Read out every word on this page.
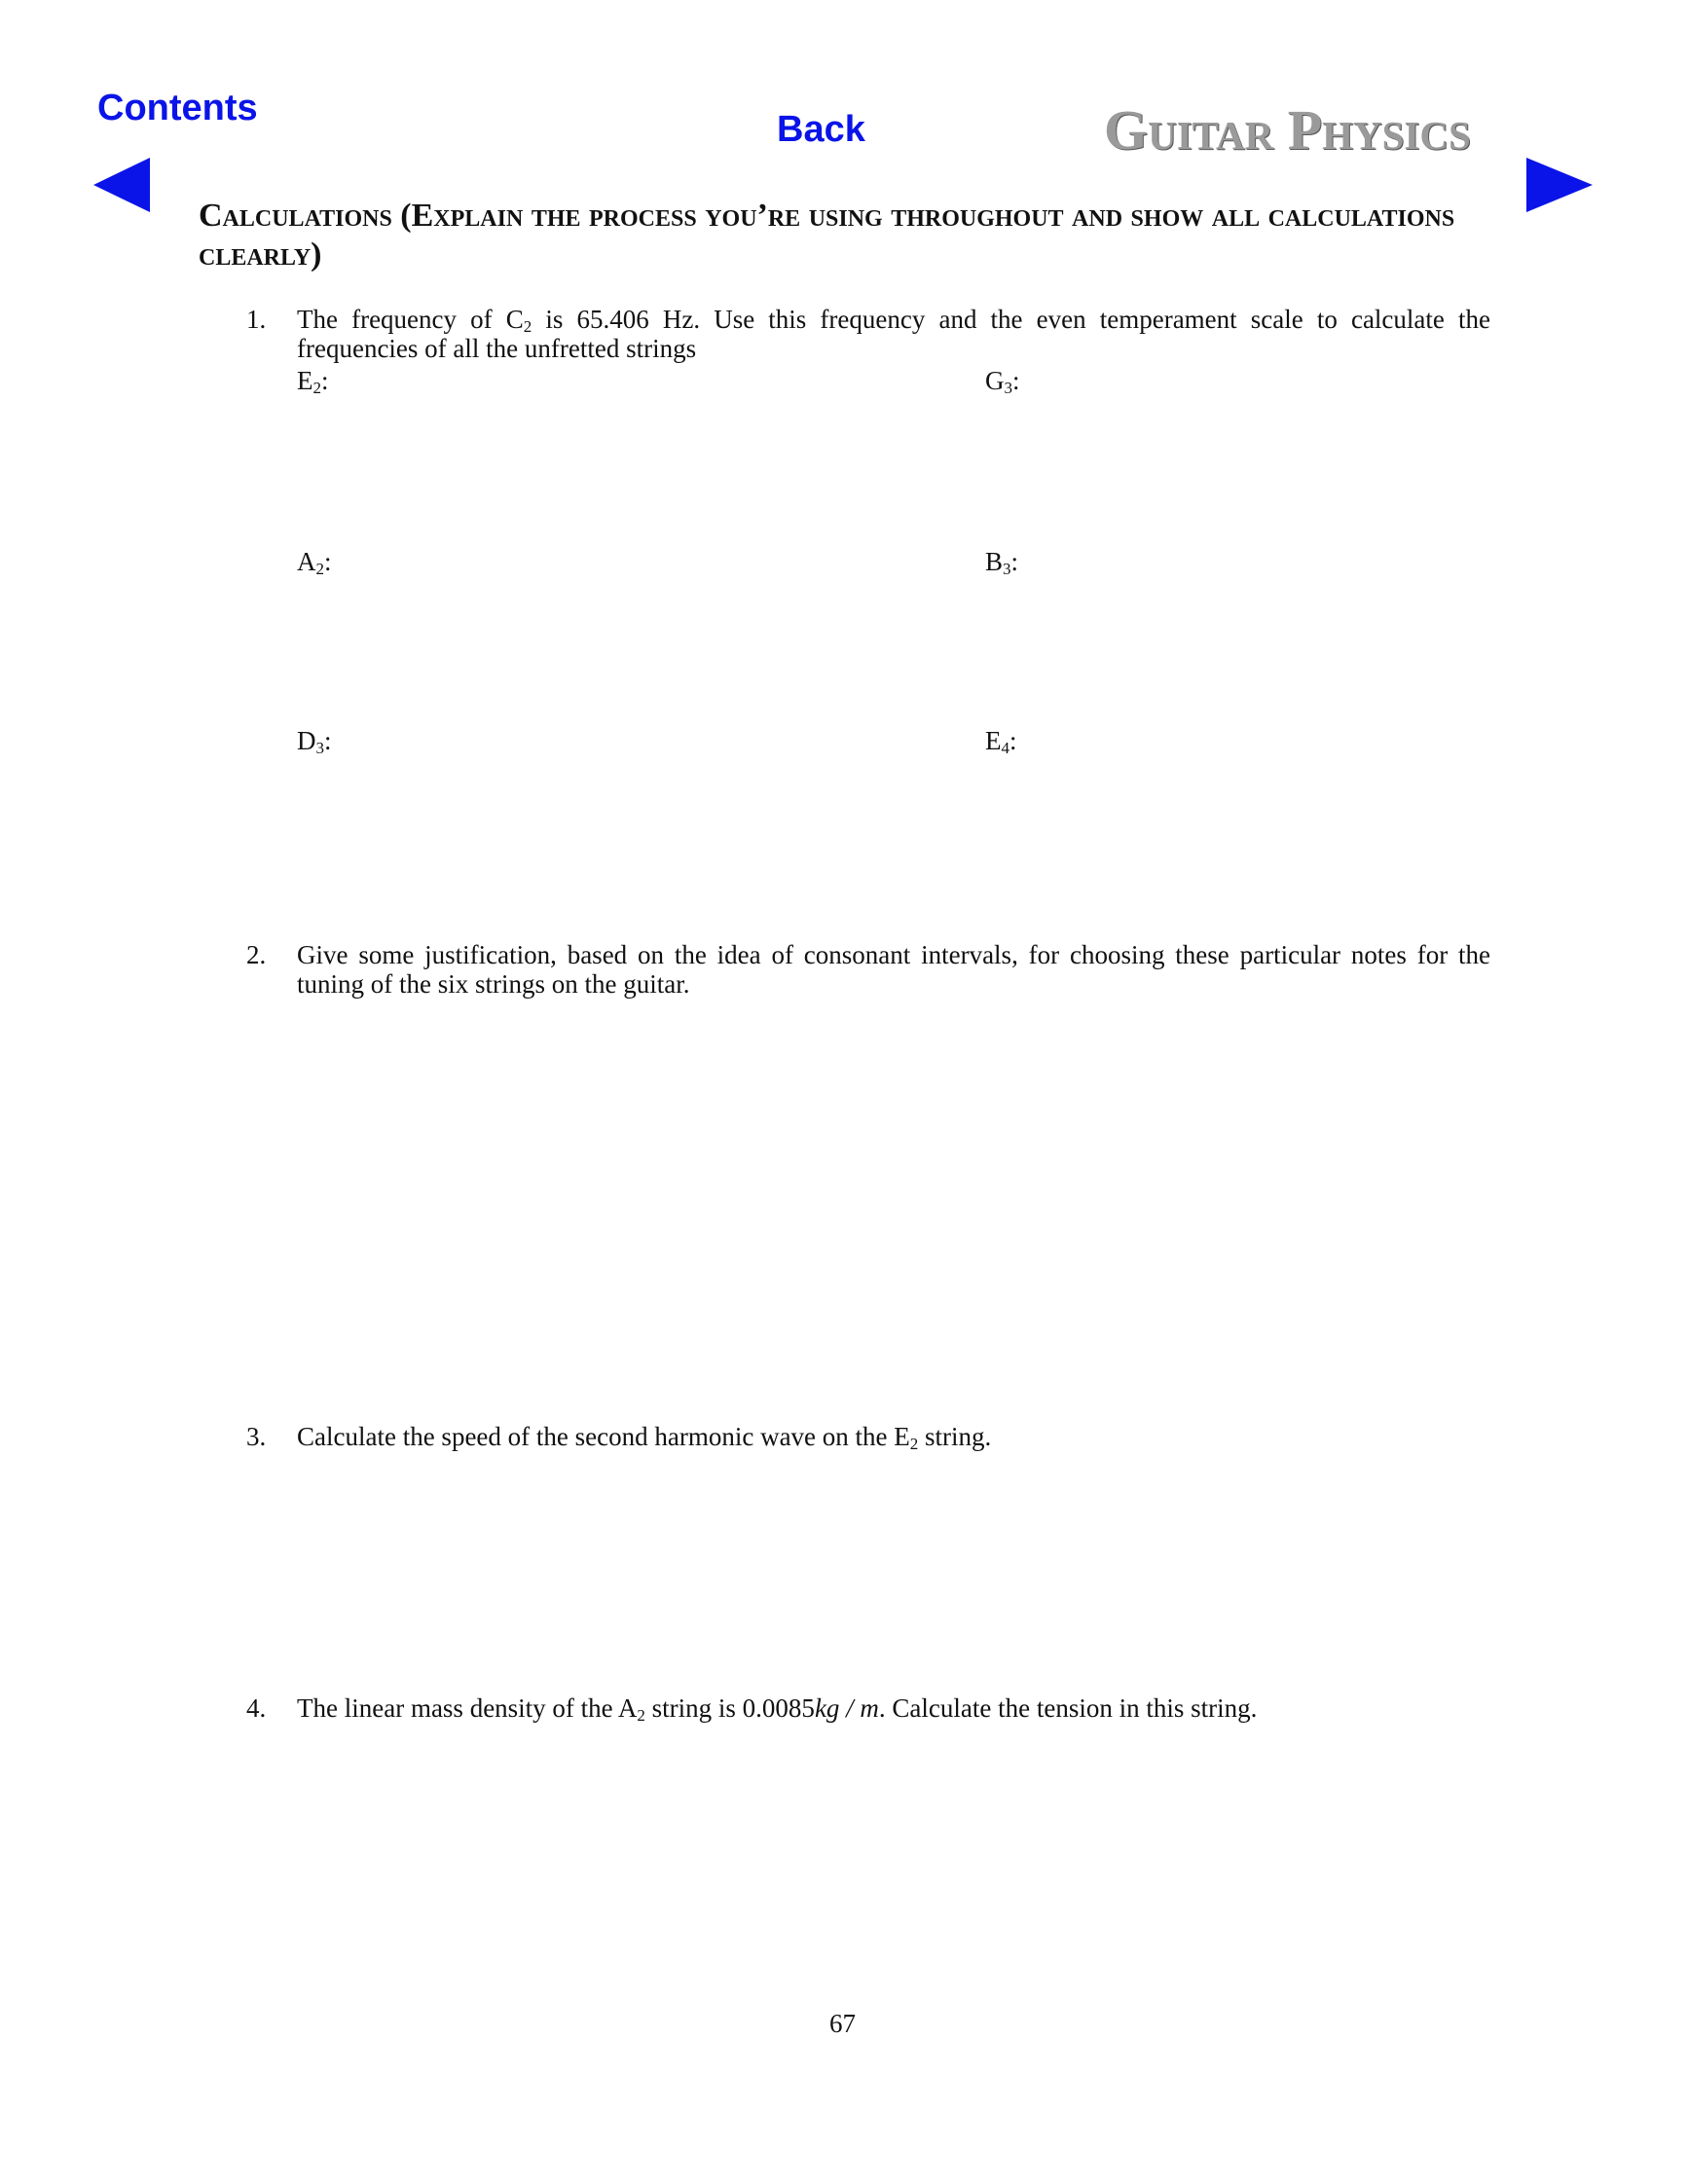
Contents
Back	Guitar Physics
Calculations (Explain the process you’re using throughout and show all calculations clearly)
1. The frequency of $C_2$ is 65.406 Hz. Use this frequency and the even temperament scale to calculate the frequencies of all the unfretted strings
$E_2$:	$G_3$:
$A_2$:	$B_3$:
$D_3$:	$E_4$:
2. Give some justification, based on the idea of consonant intervals, for choosing these particular notes for the tuning of the six strings on the guitar.
3. Calculate the speed of the second harmonic wave on the $E_2$ string.
4. The linear mass density of the $A_2$ string is 0.0085kg / m. Calculate the tension in this string.
67
